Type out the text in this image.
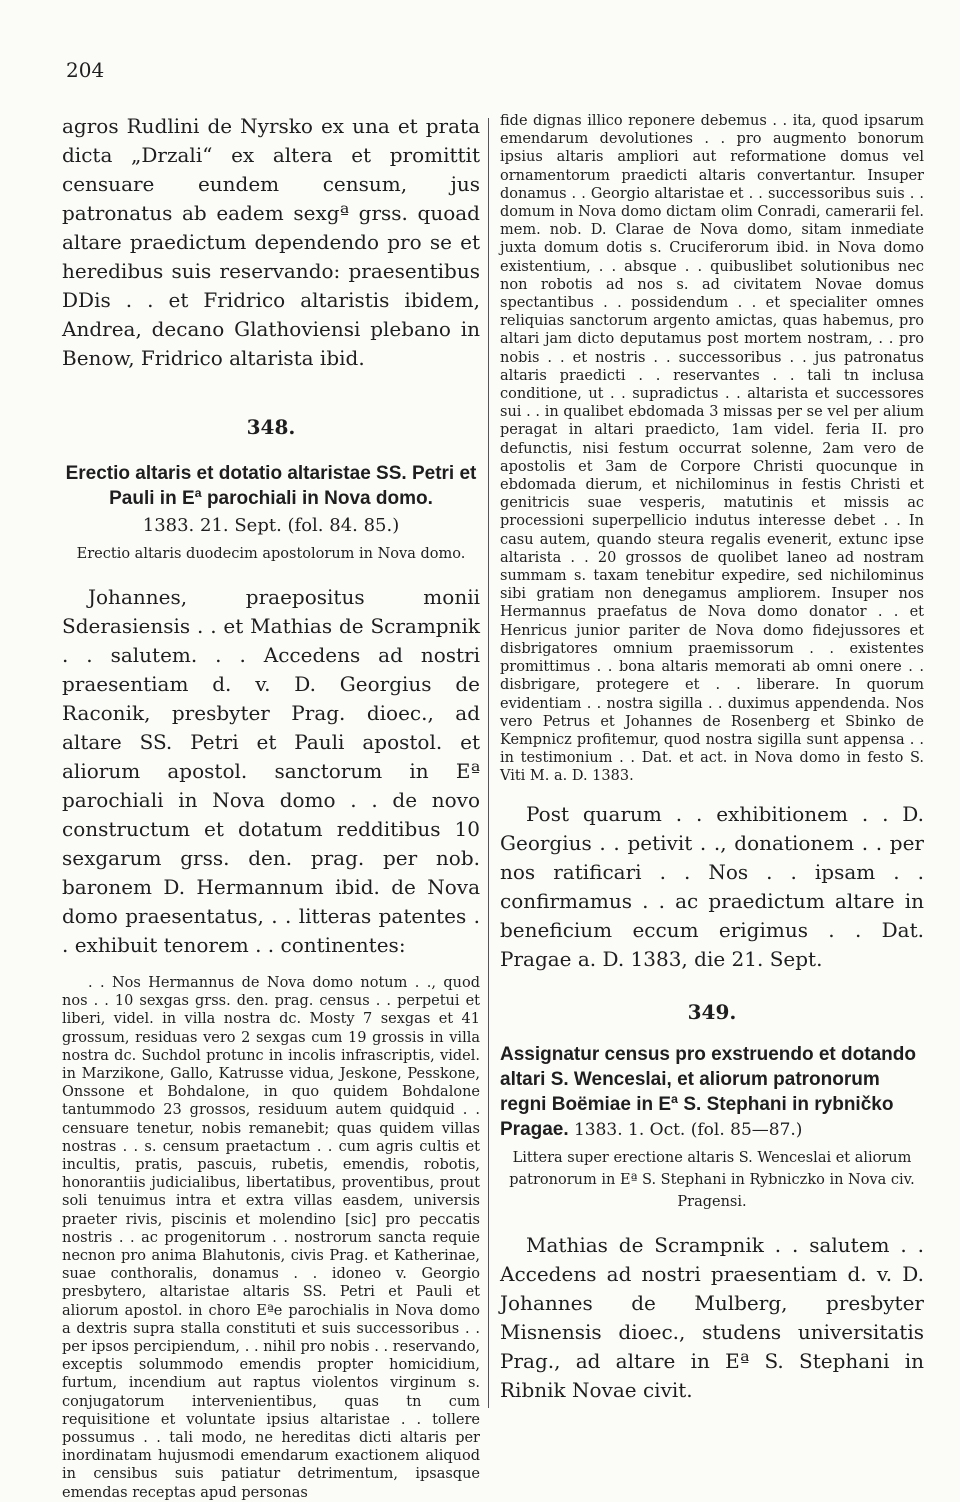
204

agros Rudlini de Nyrsko ex una et prata dicta „Drzali“ ex altera et promittit censuare eundem censum, jus patronatus ab eadem sexgª grss. quoad altare praedictum dependendo pro se et heredibus suis reservando: praesentibus DDis . . et Fridrico altaristis ibidem, Andrea, decano Glathoviensi plebano in Benow, Fridrico altarista ibid.

348.

Erectio altaris et dotatio altaristae SS. Petri et Pauli in Eª parochiali in Nova domo.

1383. 21. Sept. (fol. 84. 85.)
Erectio altaris duodecim apostolorum in Nova domo.

Johannes, praepositus monii Sderasiensis . . et Mathias de Scrampnik . . salutem. . . Accedens ad nostri praesentiam d. v. D. Georgius de Raconik, presbyter Prag. dioec., ad altare SS. Petri et Pauli apostol. et aliorum apostol. sanctorum in Eª parochiali in Nova domo . . de novo constructum et dotatum redditibus 10 sexgarum grss. den. prag. per nob. baronem D. Hermannum ibid. de Nova domo praesentatus, . . litteras patentes . . exhibuit tenorem . . continentes:

. . Nos Hermannus de Nova domo notum . ., quod nos . . 10 sexgas grss. den. prag. census . . perpetui et liberi, videl. in villa nostra dc. Mosty 7 sexgas et 41 grossum, residuas vero 2 sexgas cum 19 grossis in villa nostra dc. Suchdol protunc in incolis infrascriptis, videl. in Marzikone, Gallo, Katrusse vidua, Jeskone, Pesskone, Onssone et Bohdalone, in quo quidem Bohdalone tantummodo 23 grossos, residuum autem quidquid . . censuare tenetur, nobis remanebit; quas quidem villas nostras . . s. censum praetactum . . cum agris cultis et incultis, pratis, pascuis, rubetis, emendis, robotis, honorantiis judicialibus, libertatibus, proventibus, prout soli tenuimus intra et extra villas easdem, universis praeter rivis, piscinis et molendino [sic] pro peccatis nostris . . ac progenitorum . . nostrorum sancta requie necnon pro anima Blahutonis, civis Prag. et Katherinae, suae conthoralis, donamus . . idoneo v. Georgio presbytero, altaristae altaris SS. Petri et Pauli et aliorum apostol. in choro Eªe parochialis in Nova domo a dextris supra stalla constituti et suis successoribus . . per ipsos percipiendum, . . nihil pro nobis . . reservando, exceptis solummodo emendis propter homicidium, furtum, incendium aut raptus violentos virginum s. conjugatorum intervenientibus, quas tn cum requisitione et voluntate ipsius altaristae . . tollere possumus . . tali modo, ne hereditas dicti altaris per inordinatam hujusmodi emendarum exactionem aliquod in censibus suis patiatur detrimentum, ipsasque emendas receptas apud personas

fide dignas illico reponere debemus . . ita, quod ipsarum emendarum devolutiones . . pro augmento bonorum ipsius altaris ampliori aut reformatione domus vel ornamentorum praedicti altaris convertantur. Insuper donamus . . Georgio altaristae et . . successoribus suis . . domum in Nova domo dictam olim Conradi, camerarii fel. mem. nob. D. Clarae de Nova domo, sitam inmediate juxta domum dotis s. Cruciferorum ibid. in Nova domo existentium, . . absque . . quibuslibet solutionibus nec non robotis ad nos s. ad civitatem Novae domus spectantibus . . possidendum . . et specialiter omnes reliquias sanctorum argento amictas, quas habemus, pro altari jam dicto deputamus post mortem nostram, . . pro nobis . . et nostris . . successoribus . . jus patronatus altaris praedicti . . reservantes . . tali tn inclusa conditione, ut . . supradictus . . altarista et successores sui . . in qualibet ebdomada 3 missas per se vel per alium peragat in altari praedicto, 1am videl. feria II. pro defunctis, nisi festum occurrat solenne, 2am vero de apostolis et 3am de Corpore Christi quocunque in ebdomada dierum, et nichilominus in festis Christi et genitricis suae vesperis, matutinis et missis ac processioni superpellicio indutus interesse debet . . In casu autem, quando steura regalis evenerit, extunc ipse altarista . . 20 grossos de quolibet laneo ad nostram summam s. taxam tenebitur expedire, sed nichilominus sibi gratiam non denegamus ampliorem. Insuper nos Hermannus praefatus de Nova domo donator . . et Henricus junior pariter de Nova domo fidejussores et disbrigatores omnium praemissorum . . existentes promittimus . . bona altaris memorati ab omni onere . . disbrigare, protegere et . . liberare. In quorum evidentiam . . nostra sigilla . . duximus appendenda. Nos vero Petrus et Johannes de Rosenberg et Sbinko de Kempnicz profitemur, quod nostra sigilla sunt appensa . . in testimonium . . Dat. et act. in Nova domo in festo S. Viti M. a. D. 1383.

Post quarum . . exhibitionem . . D. Georgius . . petivit . ., donationem . . per nos ratificari . . Nos . . ipsam . . confirmamus . . ac praedictum altare in beneficium eccum erigimus . . Dat. Pragae a. D. 1383, die 21. Sept.

349.

Assignatur census pro exstruendo et dotando altari S. Wenceslai, et aliorum patronorum regni Boëmiae in Eª S. Stephani in rybničko Pragae. 1383. 1. Oct. (fol. 85—87.)

Littera super erectione altaris S. Wenceslai et aliorum patronorum in Eª S. Stephani in Rybniczko in Nova civ. Pragensi.

Mathias de Scrampnik . . salutem . . Accedens ad nostri praesentiam d. v. D. Johannes de Mulberg, presbyter Misnensis dioec., studens universitatis Prag., ad altare in Eª S. Stephani in Ribnik Novae civit.
